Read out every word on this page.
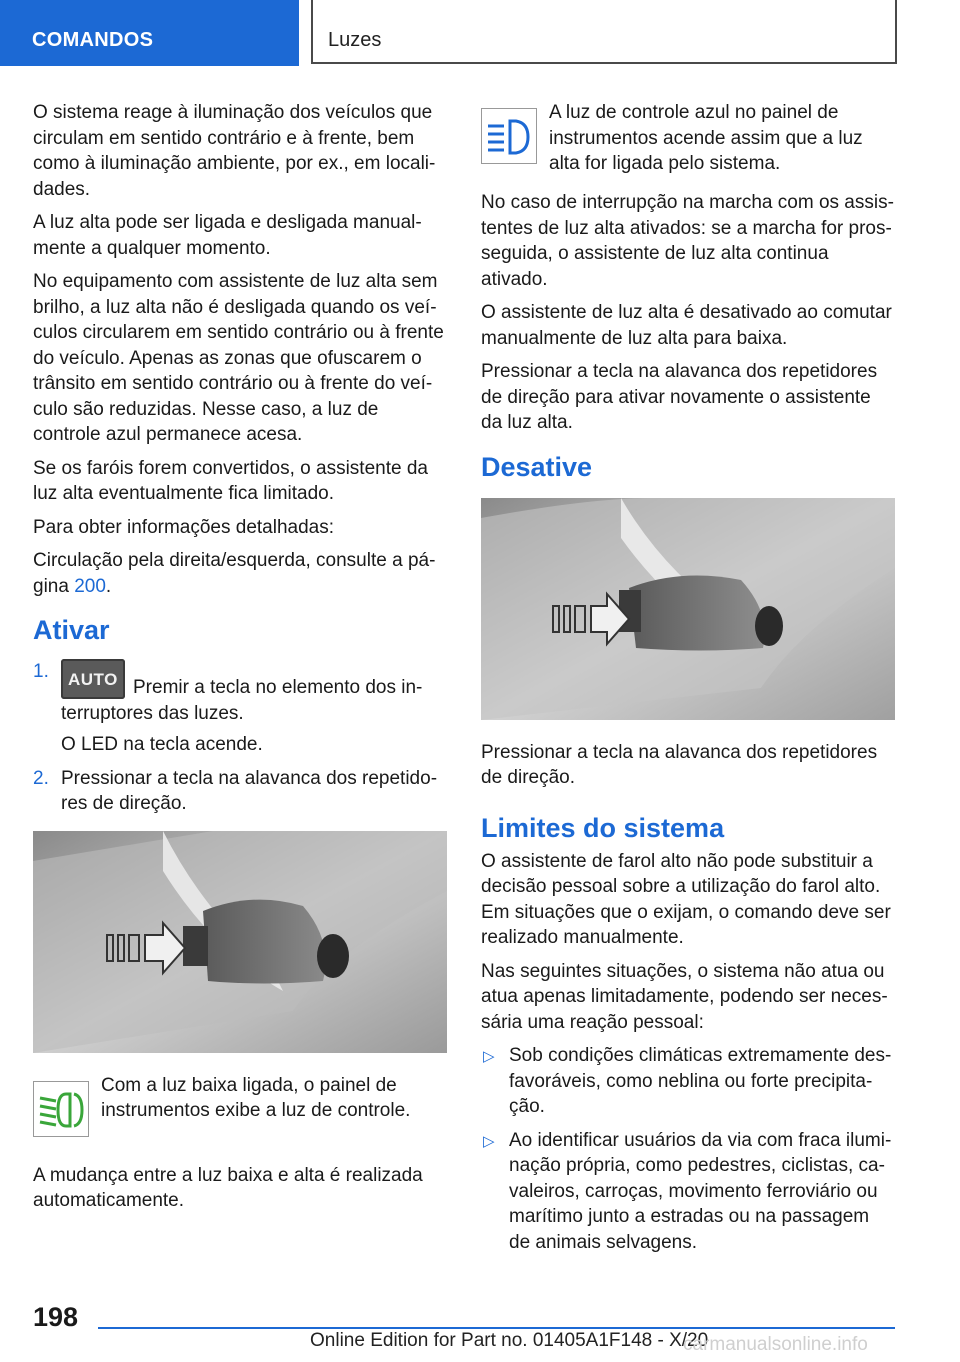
COMANDOS	Luzes

O sistema reage à iluminação dos veículos que circulam em sentido contrário e à frente, bem como à iluminação ambiente, por ex., em localidades.

A luz alta pode ser ligada e desligada manualmente a qualquer momento.

No equipamento com assistente de luz alta sem brilho, a luz alta não é desligada quando os veículos circularem em sentido contrário ou à frente do veículo. Apenas as zonas que ofuscarem o trânsito em sentido contrário ou à frente do veículo são reduzidas. Nesse caso, a luz de controle azul permanece acesa.

Se os faróis forem convertidos, o assistente da luz alta eventualmente fica limitado.

Para obter informações detalhadas:

Circulação pela direita/esquerda, consulte a página 200.

Ativar
1. AUTO Premir a tecla no elemento dos interruptores das luzes.
O LED na tecla acende.
2. Pressionar a tecla na alavanca dos repetidores de direção.
Com a luz baixa ligada, o painel de instrumentos exibe a luz de controle.

A mudança entre a luz baixa e alta é realizada automaticamente.

A luz de controle azul no painel de instrumentos acende assim que a luz alta for ligada pelo sistema.

No caso de interrupção na marcha com os assistentes de luz alta ativados: se a marcha for prosseguida, o assistente de luz alta continua ativado.

O assistente de luz alta é desativado ao comutar manualmente de luz alta para baixa.

Pressionar a tecla na alavanca dos repetidores de direção para ativar novamente o assistente da luz alta.

Desative

Pressionar a tecla na alavanca dos repetidores de direção.

Limites do sistema

O assistente de farol alto não pode substituir a decisão pessoal sobre a utilização do farol alto. Em situações que o exijam, o comando deve ser realizado manualmente.

Nas seguintes situações, o sistema não atua ou atua apenas limitadamente, podendo ser necessária uma reação pessoal:

▷ Sob condições climáticas extremamente desfavoráveis, como neblina ou forte precipitação.
▷ Ao identificar usuários da via com fraca iluminação própria, como pedestres, ciclistas, cavaleiros, carroças, movimento ferroviário ou marítimo junto a estradas ou na passagem de animais selvagens.
198
Online Edition for Part no. 01405A1F148 - X/20
carmanualsonline.info
